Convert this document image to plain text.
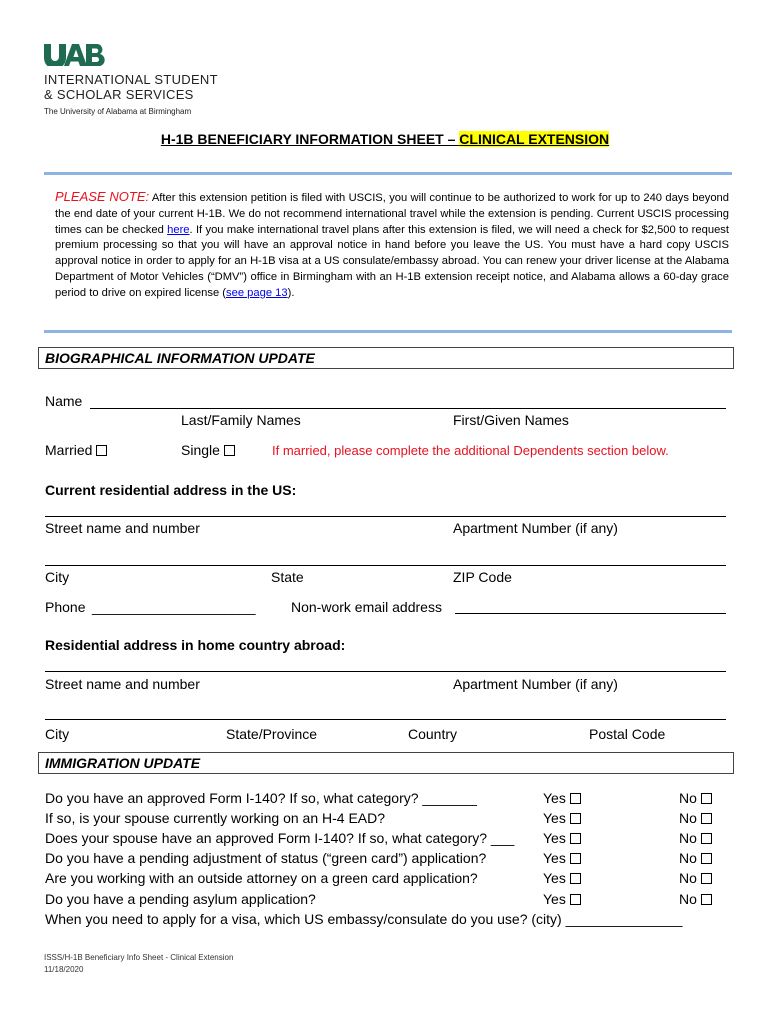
INTERNATIONAL STUDENT
& SCHOLAR SERVICES
The University of Alabama at Birmingham
H-1B BENEFICIARY INFORMATION SHEET – CLINICAL EXTENSION
PLEASE NOTE: After this extension petition is filed with USCIS, you will continue to be authorized to work for up to 240 days beyond the end date of your current H-1B. We do not recommend international travel while the extension is pending. Current USCIS processing times can be checked here. If you make international travel plans after this extension is filed, we will need a check for $2,500 to request premium processing so that you will have an approval notice in hand before you leave the US. You must have a hard copy USCIS approval notice in order to apply for an H-1B visa at a US consulate/embassy abroad. You can renew your driver license at the Alabama Department of Motor Vehicles (“DMV”) office in Birmingham with an H-1B extension receipt notice, and Alabama allows a 60-day grace period to drive on expired license (see page 13).
BIOGRAPHICAL INFORMATION UPDATE
Name
Last/Family Names	First/Given Names
Married	Single	If married, please complete the additional Dependents section below.
Current residential address in the US:
Street name and number	Apartment Number (if any)
City	State	ZIP Code
Phone _____________________	Non-work email address
Residential address in home country abroad:
Street name and number	Apartment Number (if any)
City	State/Province	Country	Postal Code
IMMIGRATION UPDATE
Do you have an approved Form I-140? If so, what category? _______	Yes	No
If so, is your spouse currently working on an H-4 EAD?	Yes	No
Does your spouse have an approved Form I-140? If so, what category? ___ Yes	No
Do you have a pending adjustment of status (“green card”) application?	Yes	No
Are you working with an outside attorney on a green card application?	Yes	No
Do you have a pending asylum application?	Yes	No
When you need to apply for a visa, which US embassy/consulate do you use? (city) _______________
ISSS/H-1B Beneficiary Info Sheet - Clinical Extension
11/18/2020
